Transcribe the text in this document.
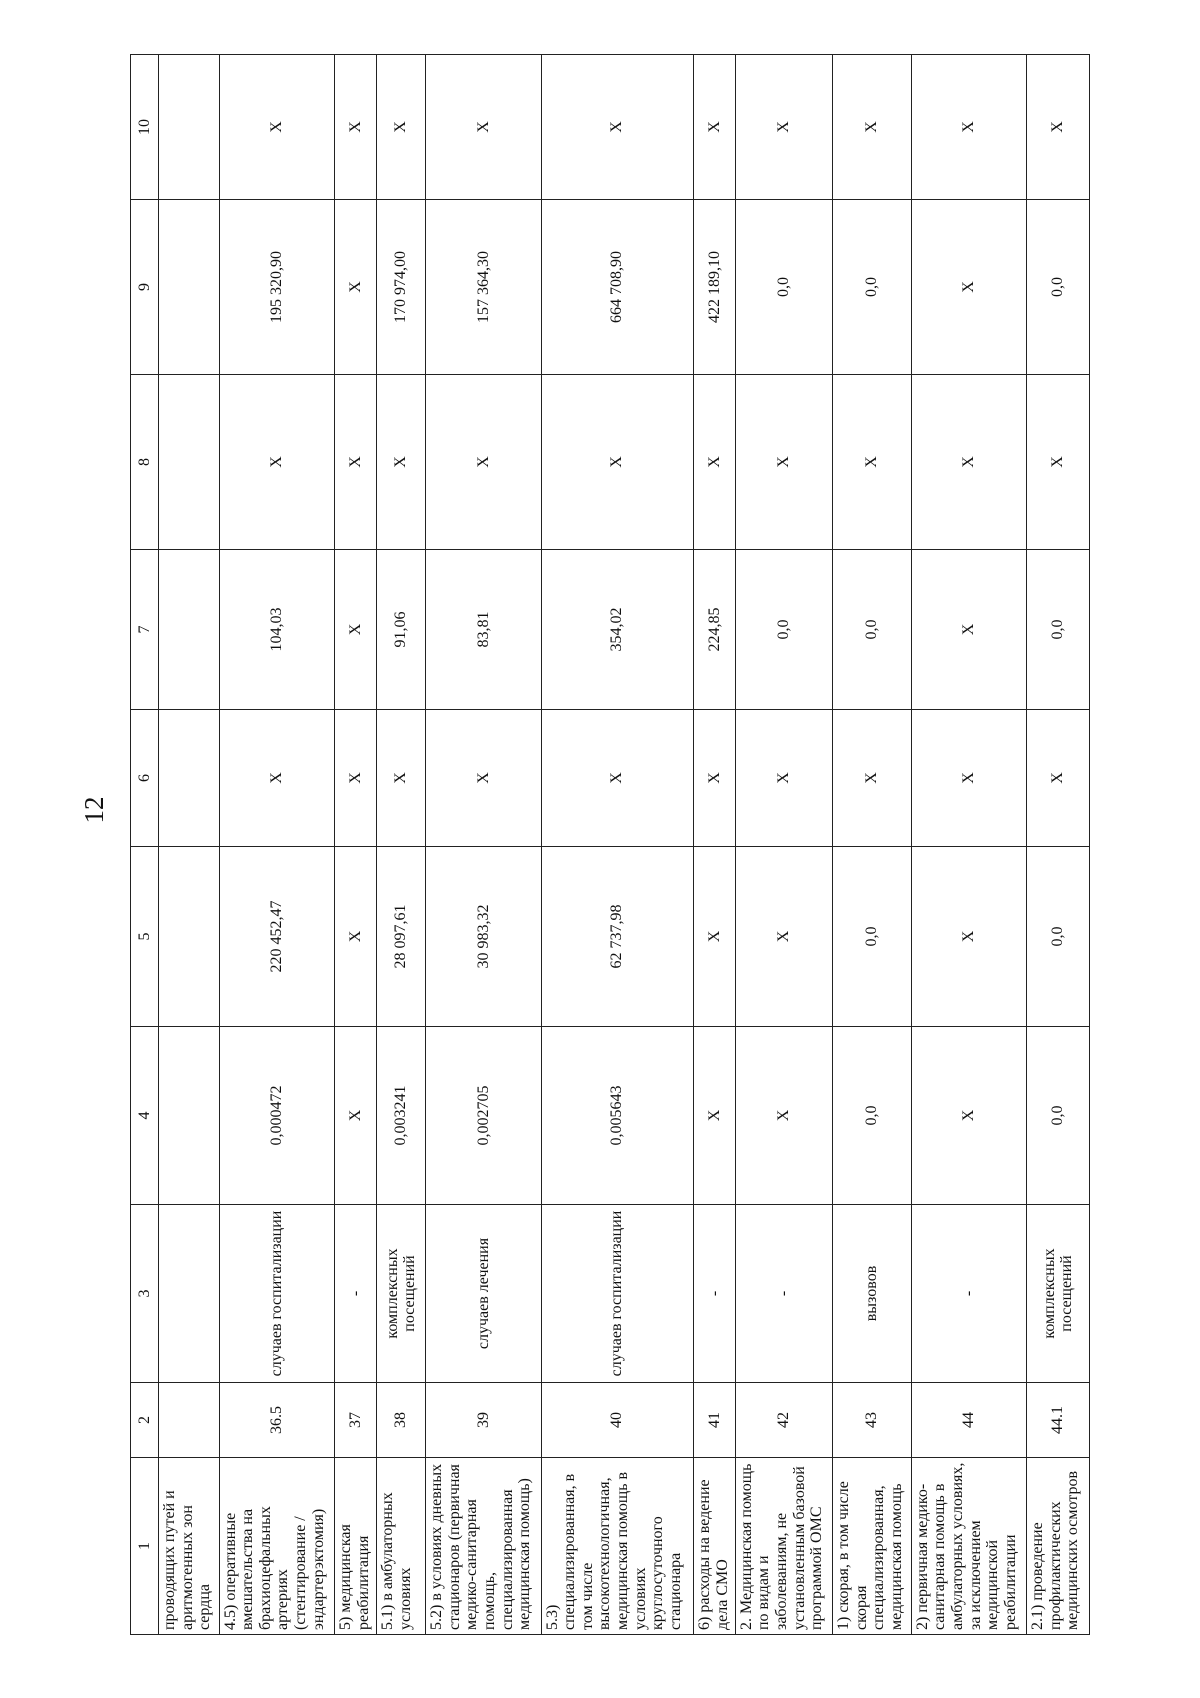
12
1	2	3	4	5	6	7	8	9	10
проводящих путей и аритмогенных зон сердца									
4.5) оперативные вмешательства на брахиоцефальных артериях (стентирование / эндартерэктомия)	36.5	случаев госпитализации	0,000472	220 452,47	Х	104,03	Х	195 320,90	Х
5) медицинская реабилитация	37	-	Х	Х	Х	Х	Х	Х	Х
5.1) в амбулаторных условиях	38	комплексных посещений	0,003241	28 097,61	Х	91,06	Х	170 974,00	Х
5.2) в условиях дневных стационаров (первичная медико-санитарная помощь, специализированная медицинская помощь)	39	случаев лечения	0,002705	30 983,32	Х	83,81	Х	157 364,30	Х
5.3) специализированная, в том числе высокотехнологичная, медицинская помощь в условиях круглосуточного стационара	40	случаев госпитализации	0,005643	62 737,98	Х	354,02	Х	664 708,90	Х
6) расходы на ведение дела СМО	41	-	Х	Х	Х	224,85	Х	422 189,10	Х
2. Медицинская помощь по видам и заболеваниям, не установленным базовой программой ОМС	42	-	Х	Х	Х	0,0	Х	0,0	Х
1) скорая, в том числе скорая специализированная, медицинская помощь	43	вызовов	0,0	0,0	Х	0,0	Х	0,0	Х
2) первичная медико-санитарная помощь в амбулаторных условиях, за исключением медицинской реабилитации	44	-	Х	Х	Х	Х	Х	Х	Х
2.1) проведение профилактических медицинских осмотров	44.1	комплексных посещений	0,0	0,0	Х	0,0	Х	0,0	Х
